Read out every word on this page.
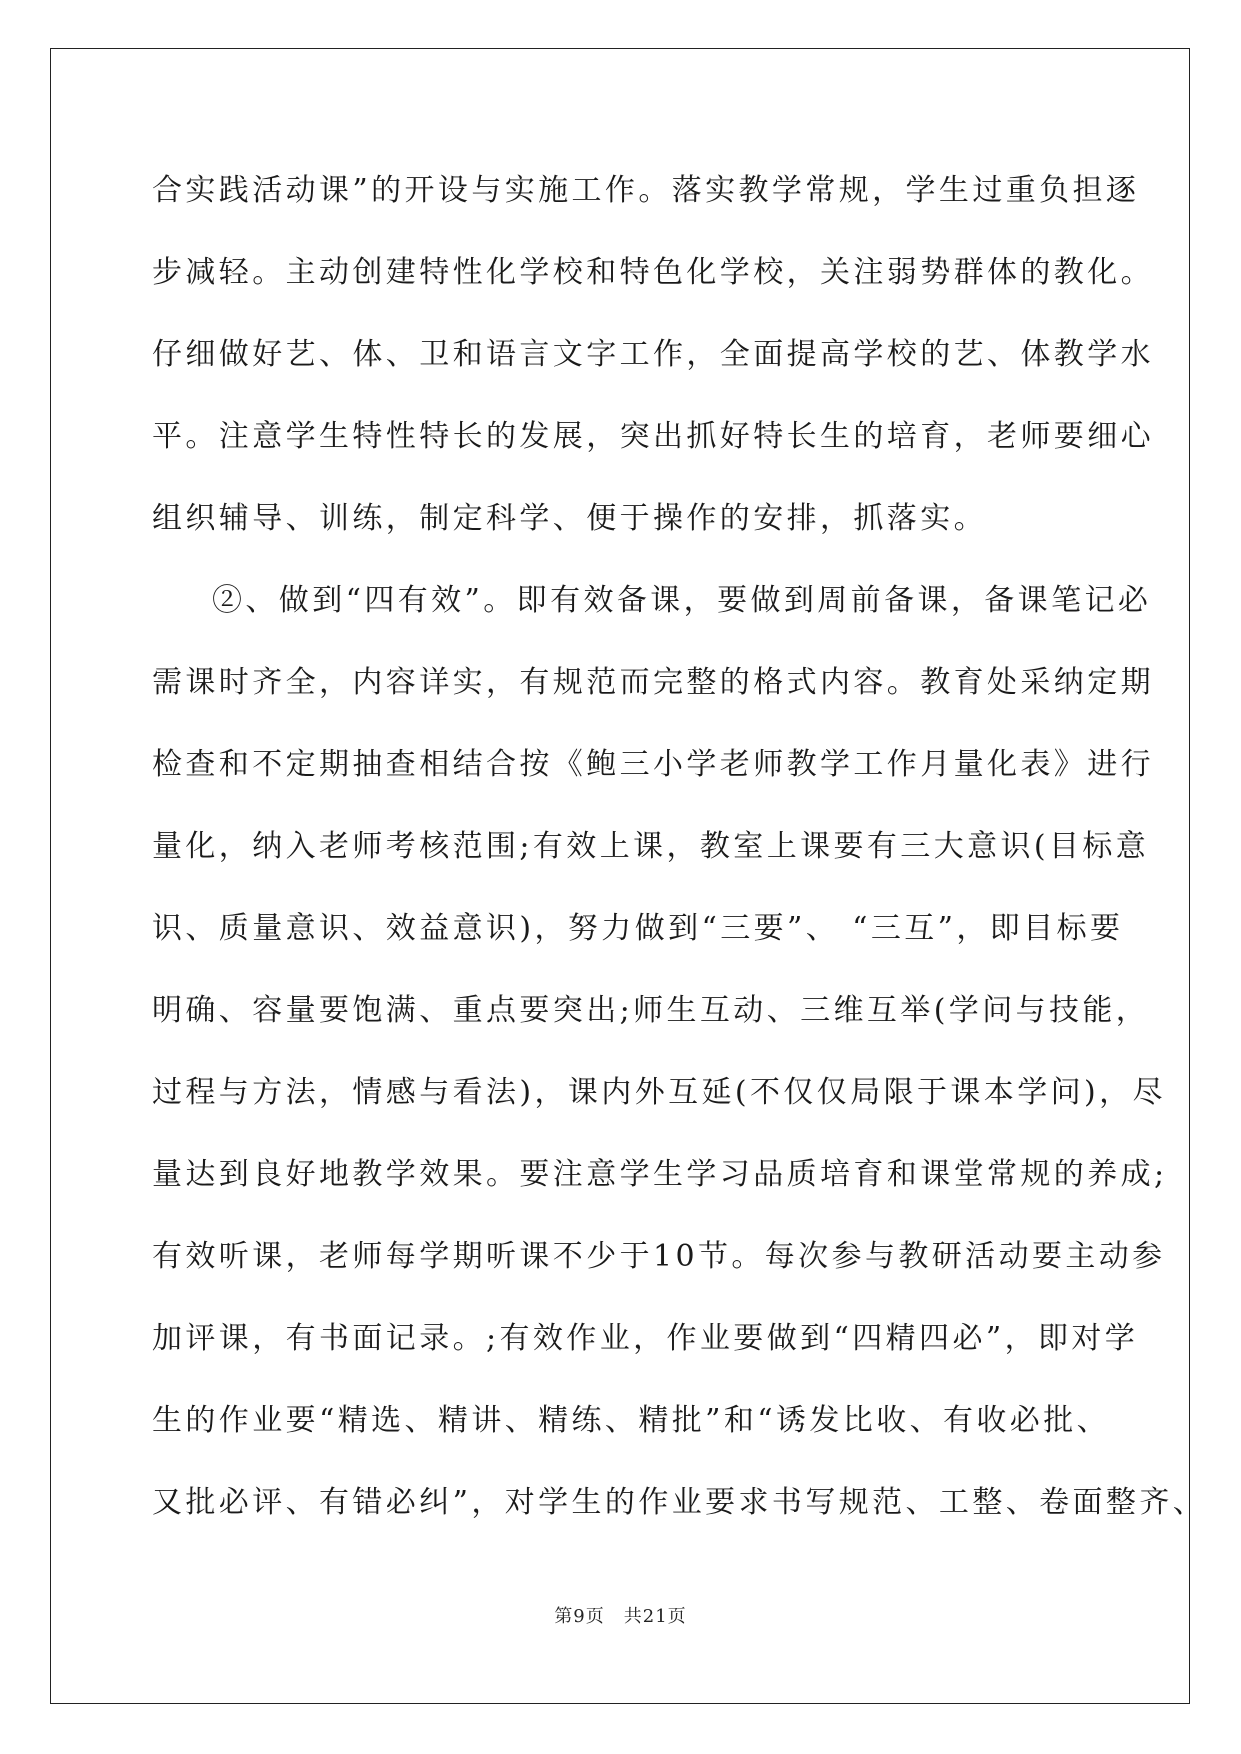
合实践活动课”的开设与实施工作。落实教学常规，学生过重负担逐
步减轻。主动创建特性化学校和特色化学校，关注弱势群体的教化。
仔细做好艺、体、卫和语言文字工作，全面提高学校的艺、体教学水
平。注意学生特性特长的发展，突出抓好特长生的培育，老师要细心
组织辅导、训练，制定科学、便于操作的安排，抓落实。
②、做到“四有效”。即有效备课，要做到周前备课，备课笔记必
需课时齐全，内容详实，有规范而完整的格式内容。教育处采纳定期
检查和不定期抽查相结合按《鲍三小学老师教学工作月量化表》进行
量化，纳入老师考核范围;有效上课，教室上课要有三大意识(目标意
识、质量意识、效益意识)，努力做到“三要”、 “三互”，即目标要
明确、容量要饱满、重点要突出;师生互动、三维互举(学问与技能，
过程与方法，情感与看法)，课内外互延(不仅仅局限于课本学问)，尽
量达到良好地教学效果。要注意学生学习品质培育和课堂常规的养成;
有效听课，老师每学期听课不少于10节。每次参与教研活动要主动参
加评课，有书面记录。;有效作业，作业要做到“四精四必”，即对学
生的作业要“精选、精讲、精练、精批”和“诱发比收、有收必批、
又批必评、有错必纠”，对学生的作业要求书写规范、工整、卷面整齐、
第9页　共21页
